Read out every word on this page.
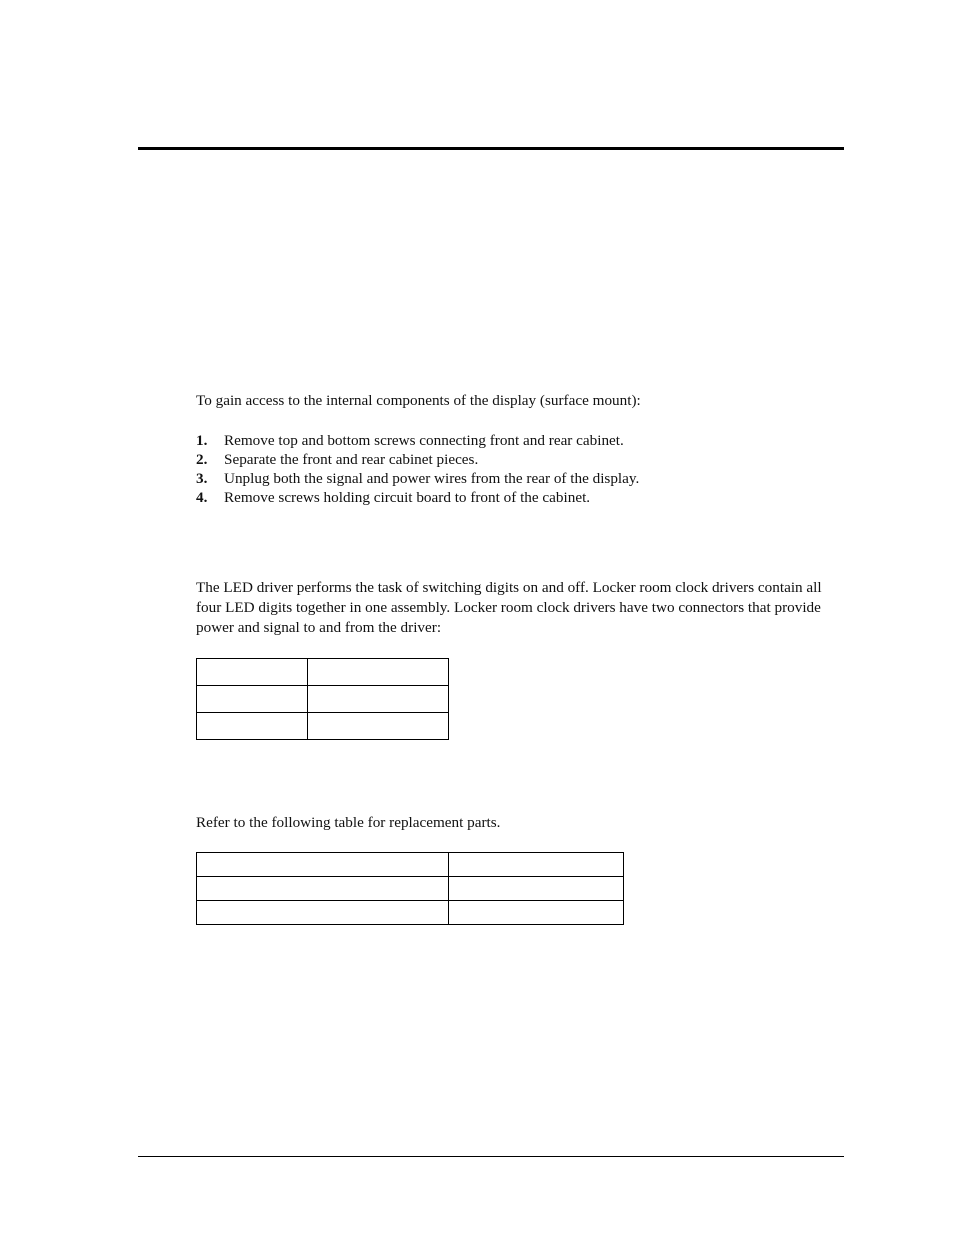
To gain access to the internal components of the display (surface mount):

1.	Remove top and bottom screws connecting front and rear cabinet.
2.	Separate the front and rear cabinet pieces.
3.	Unplug both the signal and power wires from the rear of the display.
4.	Remove screws holding circuit board to front of the cabinet.

The LED driver performs the task of switching digits on and off. Locker room clock drivers contain all four LED digits together in one assembly. Locker room clock drivers have two connectors that provide power and signal to and from the driver:

Refer to the following table for replacement parts.
